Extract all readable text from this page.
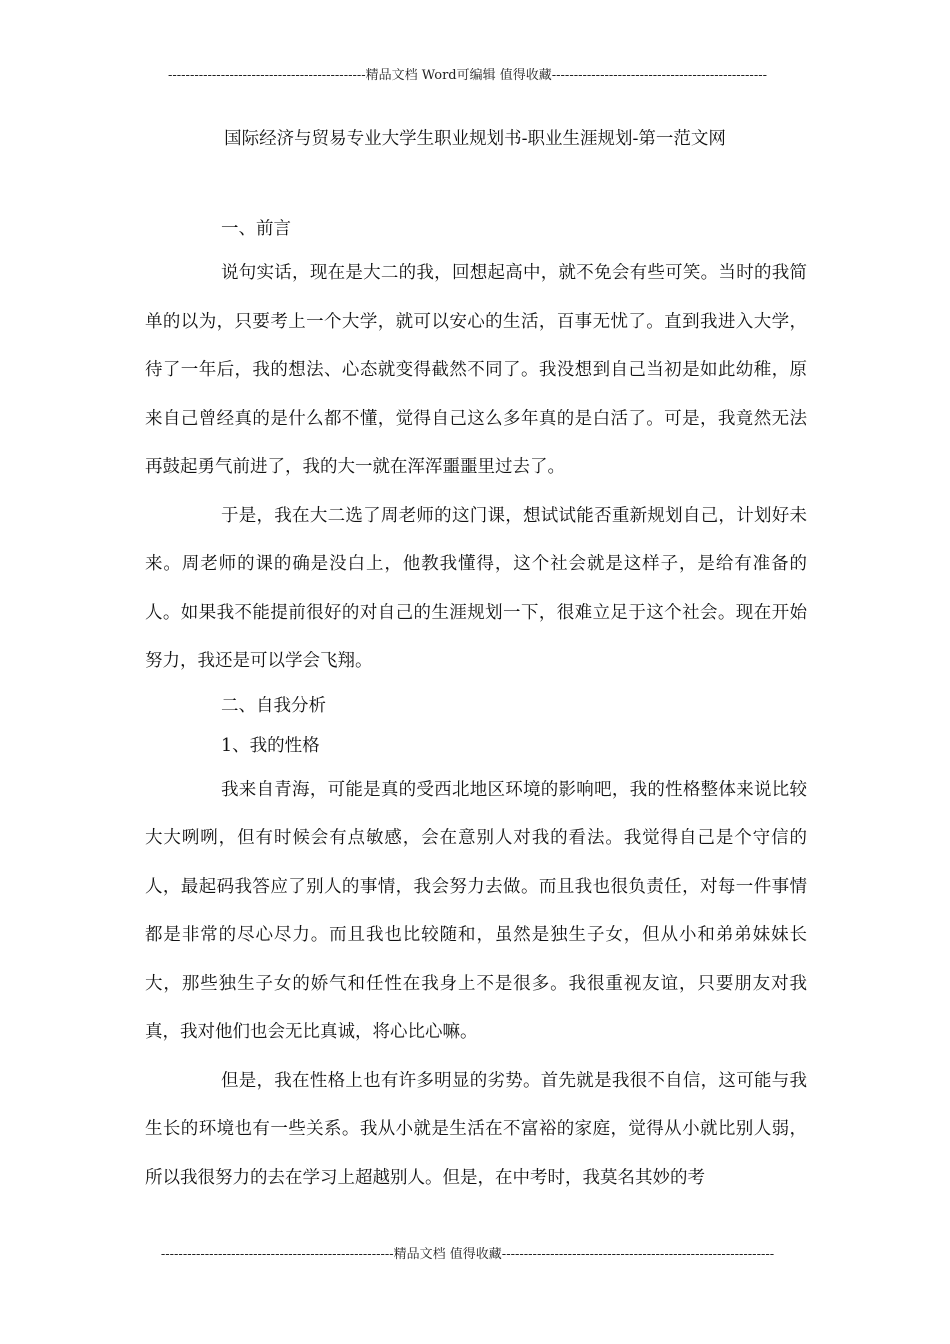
---------------------------------------------精品文档 Word可编辑 值得收藏-------------------------------------------------
国际经济与贸易专业大学生职业规划书-职业生涯规划-第一范文网

一、前言

说句实话，现在是大二的我，回想起高中，就不免会有些可笑。当时的我简单的以为，只要考上一个大学，就可以安心的生活，百事无忧了。直到我进入大学，待了一年后，我的想法、心态就变得截然不同了。我没想到自己当初是如此幼稚，原来自己曾经真的是什么都不懂，觉得自己这么多年真的是白活了。可是，我竟然无法再鼓起勇气前进了，我的大一就在浑浑噩噩里过去了。

于是，我在大二选了周老师的这门课，想试试能否重新规划自己，计划好未来。周老师的课的确是没白上，他教我懂得，这个社会就是这样子，是给有准备的人。如果我不能提前很好的对自己的生涯规划一下，很难立足于这个社会。现在开始努力，我还是可以学会飞翔。

二、自我分析

1、我的性格

我来自青海，可能是真的受西北地区环境的影响吧，我的性格整体来说比较大大咧咧，但有时候会有点敏感，会在意别人对我的看法。我觉得自己是个守信的人，最起码我答应了别人的事情，我会努力去做。而且我也很负责任，对每一件事情都是非常的尽心尽力。而且我也比较随和，虽然是独生子女，但从小和弟弟妹妹长大，那些独生子女的娇气和任性在我身上不是很多。我很重视友谊，只要朋友对我真，我对他们也会无比真诚，将心比心嘛。

但是，我在性格上也有许多明显的劣势。首先就是我很不自信，这可能与我生长的环境也有一些关系。我从小就是生活在不富裕的家庭，觉得从小就比别人弱，所以我很努力的去在学习上超越别人。但是，在中考时，我莫名其妙的考

-----------------------------------------------------精品文档 值得收藏--------------------------------------------------------------
